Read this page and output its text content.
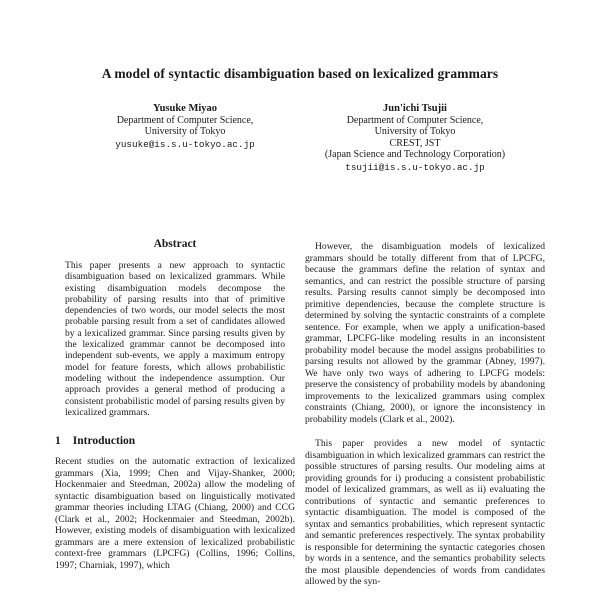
A model of syntactic disambiguation based on lexicalized grammars
Yusuke Miyao
Department of Computer Science,
University of Tokyo
yusuke@is.s.u-tokyo.ac.jp
Jun'ichi Tsujii
Department of Computer Science,
University of Tokyo
CREST, JST
(Japan Science and Technology Corporation)
tsujii@is.s.u-tokyo.ac.jp
Abstract
This paper presents a new approach to syntactic disambiguation based on lexicalized grammars. While existing disambiguation models decompose the probability of parsing results into that of primitive dependencies of two words, our model selects the most probable parsing result from a set of candidates allowed by a lexicalized grammar. Since parsing results given by the lexicalized grammar cannot be decomposed into independent sub-events, we apply a maximum entropy model for feature forests, which allows probabilistic modeling without the independence assumption. Our approach provides a general method of producing a consistent probabilistic model of parsing results given by lexicalized grammars.
1 Introduction
Recent studies on the automatic extraction of lexicalized grammars (Xia, 1999; Chen and Vijay-Shanker, 2000; Hockenmaier and Steedman, 2002a) allow the modeling of syntactic disambiguation based on linguistically motivated grammar theories including LTAG (Chiang, 2000) and CCG (Clark et al., 2002; Hockenmaier and Steedman, 2002b). However, existing models of disambiguation with lexicalized grammars are a mere extension of lexicalized probabilistic context-free grammars (LPCFG) (Collins, 1996; Collins, 1997; Charniak, 1997), which
However, the disambiguation models of lexicalized grammars should be totally different from that of LPCFG, because the grammars define the relation of syntax and semantics, and can restrict the possible structure of parsing results. Parsing results cannot simply be decomposed into primitive dependencies, because the complete structure is determined by solving the syntactic constraints of a complete sentence. For example, when we apply a unification-based grammar, LPCFG-like modeling results in an inconsistent probability model because the model assigns probabilities to parsing results not allowed by the grammar (Abney, 1997). We have only two ways of adhering to LPCFG models: preserve the consistency of probability models by abandoning improvements to the lexicalized grammars using complex constraints (Chiang, 2000), or ignore the inconsistency in probability models (Clark et al., 2002).
This paper provides a new model of syntactic disambiguation in which lexicalized grammars can restrict the possible structures of parsing results. Our modeling aims at providing grounds for i) producing a consistent probabilistic model of lexicalized grammars, as well as ii) evaluating the contributions of syntactic and semantic preferences to syntactic disambiguation. The model is composed of the syntax and semantics probabilities, which represent syntactic and semantic preferences respectively. The syntax probability is responsible for determining the syntactic categories chosen by words in a sentence, and the semantics probability selects the most plausible dependencies of words from candidates allowed by the syn-
